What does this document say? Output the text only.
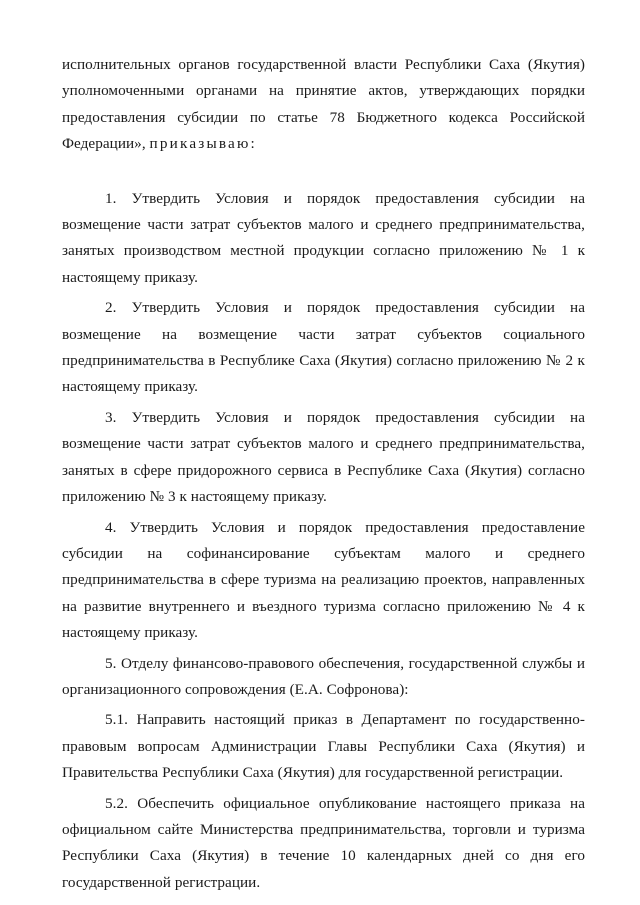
исполнительных органов государственной власти Республики Саха (Якутия) уполномоченными органами на принятие актов, утверждающих порядки предоставления субсидии по статье 78 Бюджетного кодекса Российской Федерации», приказываю:

1. Утвердить Условия и порядок предоставления субсидии на возмещение части затрат субъектов малого и среднего предпринимательства, занятых производством местной продукции согласно приложению № 1 к настоящему приказу.

2. Утвердить Условия и порядок предоставления субсидии на возмещение на возмещение части затрат субъектов социального предпринимательства в Республике Саха (Якутия) согласно приложению № 2 к настоящему приказу.

3. Утвердить Условия и порядок предоставления субсидии на возмещение части затрат субъектов малого и среднего предпринимательства, занятых в сфере придорожного сервиса в Республике Саха (Якутия) согласно приложению № 3 к настоящему приказу.

4. Утвердить Условия и порядок предоставления предоставление субсидии на софинансирование субъектам малого и среднего предпринимательства в сфере туризма на реализацию проектов, направленных на развитие внутреннего и въездного туризма согласно приложению № 4 к настоящему приказу.

5. Отделу финансово-правового обеспечения, государственной службы и организационного сопровождения (Е.А. Софронова):

5.1. Направить настоящий приказ в Департамент по государственно-правовым вопросам Администрации Главы Республики Саха (Якутия) и Правительства Республики Саха (Якутия) для государственной регистрации.

5.2. Обеспечить официальное опубликование настоящего приказа на официальном сайте Министерства предпринимательства, торговли и туризма Республики Саха (Якутия) в течение 10 календарных дней со дня его государственной регистрации.
